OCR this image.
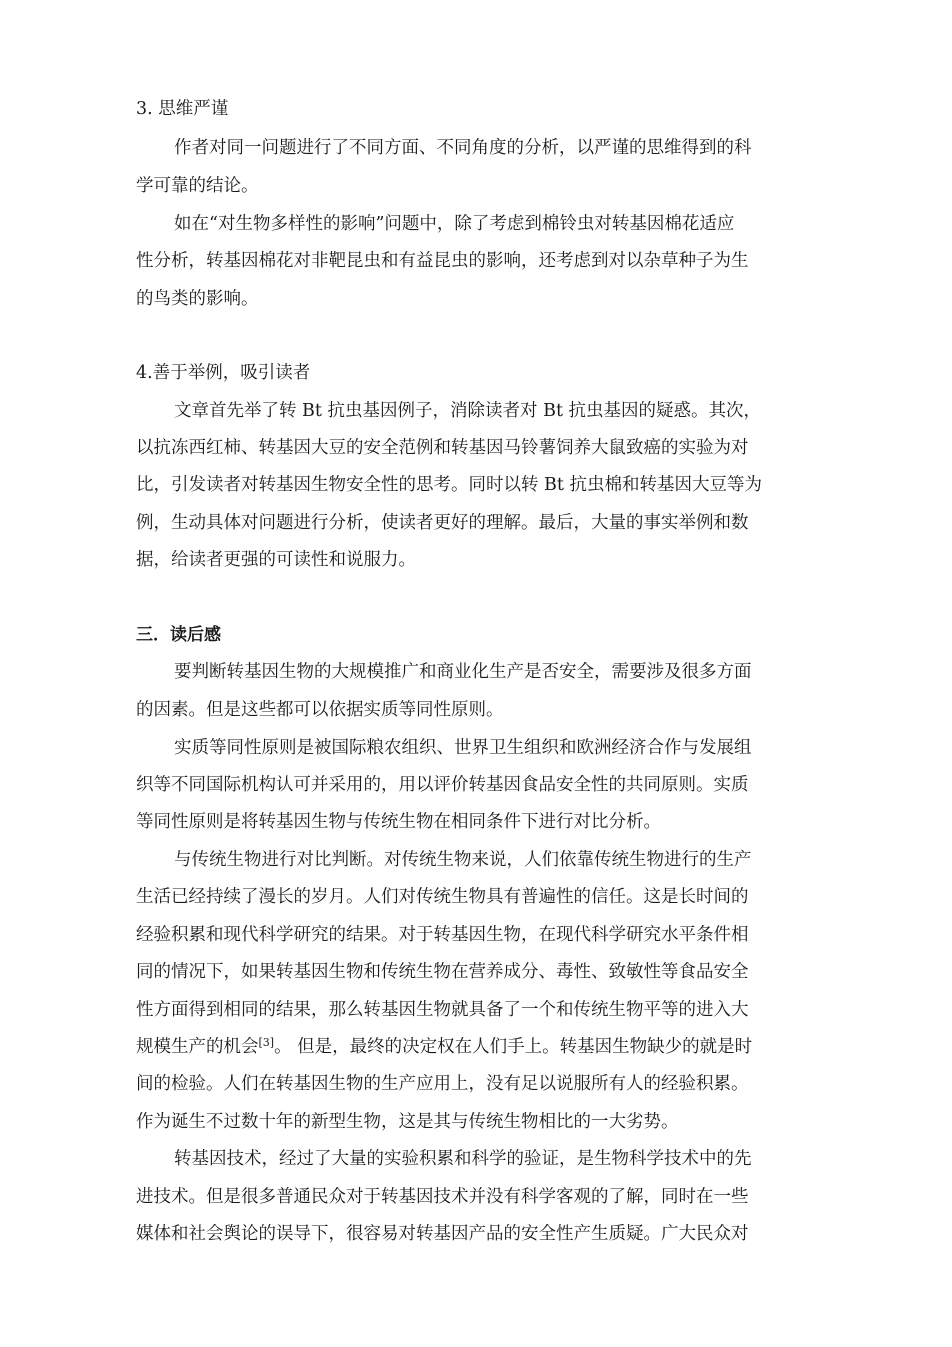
3. 思维严谨
作者对同一问题进行了不同方面、不同角度的分析，以严谨的思维得到的科
学可靠的结论。
如在“对生物多样性的影响”问题中，除了考虑到棉铃虫对转基因棉花适应
性分析，转基因棉花对非靶昆虫和有益昆虫的影响，还考虑到对以杂草种子为生
的鸟类的影响。
4.善于举例，吸引读者
文章首先举了转 Bt 抗虫基因例子，消除读者对 Bt 抗虫基因的疑惑。其次，
以抗冻西红柿、转基因大豆的安全范例和转基因马铃薯饲养大鼠致癌的实验为对
比，引发读者对转基因生物安全性的思考。同时以转 Bt 抗虫棉和转基因大豆等为
例，生动具体对问题进行分析，使读者更好的理解。最后，大量的事实举例和数
据，给读者更强的可读性和说服力。
三．读后感
要判断转基因生物的大规模推广和商业化生产是否安全，需要涉及很多方面
的因素。但是这些都可以依据实质等同性原则。
实质等同性原则是被国际粮农组织、世界卫生组织和欧洲经济合作与发展组
织等不同国际机构认可并采用的，用以评价转基因食品安全性的共同原则。实质
等同性原则是将转基因生物与传统生物在相同条件下进行对比分析。
与传统生物进行对比判断。对传统生物来说，人们依靠传统生物进行的生产
生活已经持续了漫长的岁月。人们对传统生物具有普遍性的信任。这是长时间的
经验积累和现代科学研究的结果。对于转基因生物，在现代科学研究水平条件相
同的情况下，如果转基因生物和传统生物在营养成分、毒性、致敏性等食品安全
性方面得到相同的结果，那么转基因生物就具备了一个和传统生物平等的进入大
规模生产的机会[3]。 但是，最终的决定权在人们手上。转基因生物缺少的就是时
间的检验。人们在转基因生物的生产应用上，没有足以说服所有人的经验积累。
作为诞生不过数十年的新型生物，这是其与传统生物相比的一大劣势。
转基因技术，经过了大量的实验积累和科学的验证，是生物科学技术中的先
进技术。但是很多普通民众对于转基因技术并没有科学客观的了解，同时在一些
媒体和社会舆论的误导下，很容易对转基因产品的安全性产生质疑。广大民众对
